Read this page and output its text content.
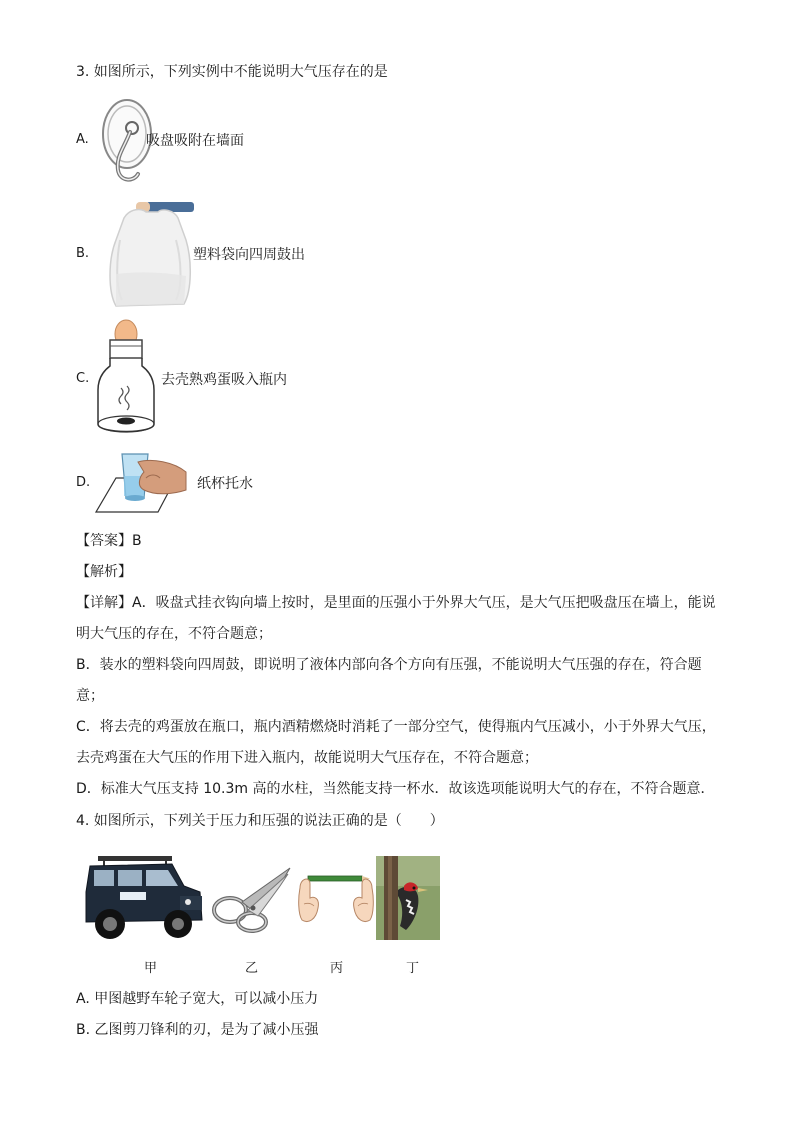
3. 如图所示，下列实例中不能说明大气压存在的是
A.	吸盘吸附在墙面
B.	塑料袋向四周鼓出
C.	去壳熟鸡蛋吸入瓶内
D.	纸杯托水
【答案】B
【解析】
【详解】A．吸盘式挂衣钩向墙上按时，是里面的压强小于外界大气压，是大气压把吸盘压在墙上，能说
明大气压的存在，不符合题意；
B．装水的塑料袋向四周鼓，即说明了液体内部向各个方向有压强，不能说明大气压强的存在，符合题
意；
C．将去壳的鸡蛋放在瓶口，瓶内酒精燃烧时消耗了一部分空气，使得瓶内气压减小，小于外界大气压，
去壳鸡蛋在大气压的作用下进入瓶内，故能说明大气压存在，不符合题意；
D．标准大气压支持 10.3m 高的水柱，当然能支持一杯水．故该选项能说明大气的存在，不符合题意．
4. 如图所示，下列关于压力和压强的说法正确的是（　　）
甲	乙	丙	丁
A. 甲图越野车轮子宽大，可以减小压力
B. 乙图剪刀锋利的刃，是为了减小压强
